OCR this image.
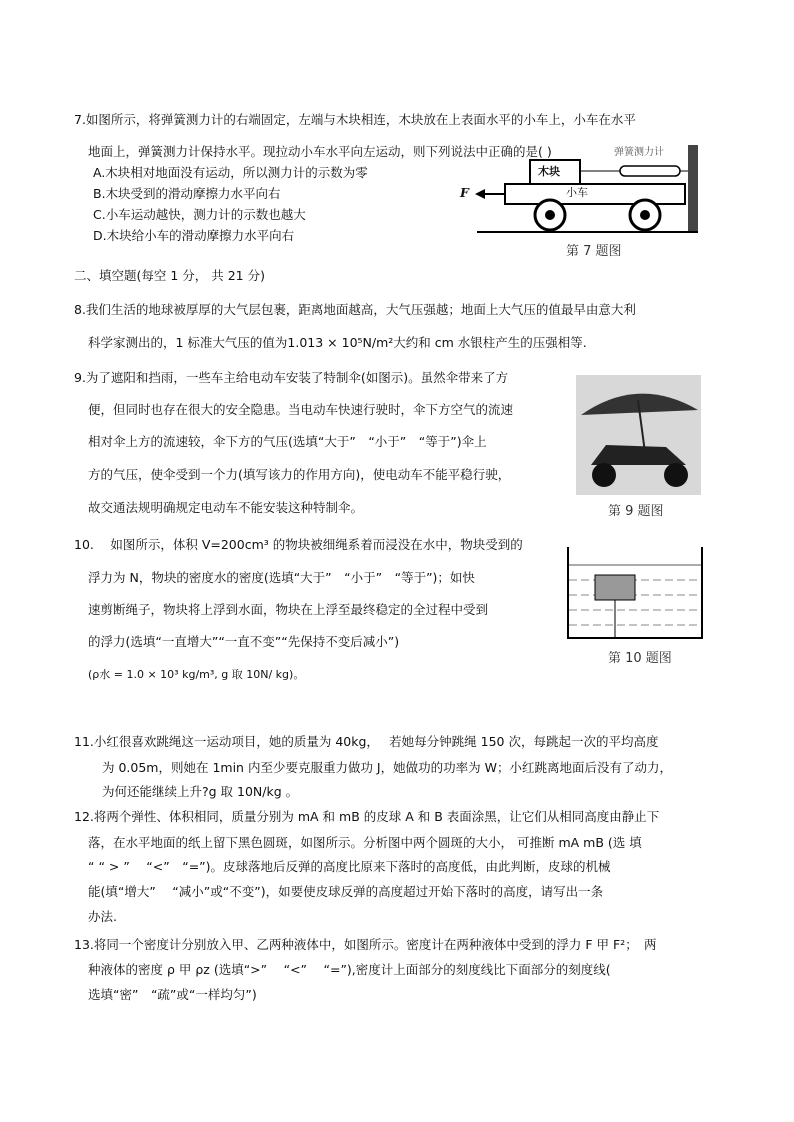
7.如图所示，将弹簧测力计的右端固定，左端与木块相连，木块放在上表面水平的小车上，小车在水平
地面上，弹簧测力计保持水平。现拉动小车水平向左运动，则下列说法中正确的是( )
A.木块相对地面没有运动，所以测力计的示数为零
B.木块受到的滑动摩擦力水平向右
C.小车运动越快，测力计的示数也越大
D.木块给小车的滑动摩擦力水平向右
木块
小车
弹簧测力计
F
第 7 题图
二、填空题(每空 1 分， 共 21 分)
8.我们生活的地球被厚厚的大气层包裹，距离地面越高，大气压强越；地面上大气压的值最早由意大利
科学家测出的，1 标准大气压的值为1.013 × 10⁵N/m²大约和 cm 水银柱产生的压强相等.
9.为了遮阳和挡雨，一些车主给电动车安装了特制伞(如图示)。虽然伞带来了方
便，但同时也存在很大的安全隐患。当电动车快速行驶时，伞下方空气的流速
相对伞上方的流速较，伞下方的气压(选填“大于”　“小于”　“等于”)伞上
方的气压，使伞受到一个力(填写该力的作用方向)，使电动车不能平稳行驶，
故交通法规明确规定电动车不能安装这种特制伞。	第 9 题图
10.　 如图所示，体积 V=200cm³ 的物块被细绳系着而浸没在水中，物块受到的
浮力为 N，物块的密度水的密度(选填“大于”　“小于”　“等于”)；如快
速剪断绳子，物块将上浮到水面，物块在上浮至最终稳定的全过程中受到
的浮力(选填“一直增大”“一直不变”“先保持不变后减小”)
(ρ水 = 1.0 × 10³ kg/m³, g 取 10N/ kg)。
第 10 题图
11.小红很喜欢跳绳这一运动项目，她的质量为 40kg，　 若她每分钟跳绳 150 次，每跳起一次的平均高度
为 0.05m，则她在 1min 内至少要克服重力做功 J，她做功的功率为 W；小红跳离地面后没有了动力，
为何还能继续上升?g 取 10N/kg 。
12.将两个弹性、体积相同，质量分别为 mA 和 mB 的皮球 A 和 B 表面涂黑，让它们从相同高度由静止下
落，在水平地面的纸上留下黑色圆斑，如图所示。分析图中两个圆斑的大小， 可推断 mA mB (选 填
“ “ > ”　 “<”　“=”)。皮球落地后反弹的高度比原来下落时的高度低，由此判断，皮球的机械
能(填“增大”　 “减小”或“不变”)，如要使皮球反弹的高度超过开始下落时的高度，请写出一条
办法.
13.将同一个密度计分别放入甲、乙两种液体中，如图所示。密度计在两种液体中受到的浮力 F 甲 F²；　两
种液体的密度 ρ 甲 ρz (选填“>”　 “<”　 “=”),密度计上面部分的刻度线比下面部分的刻度线(
选填“密”　“疏”或“一样均匀”)
